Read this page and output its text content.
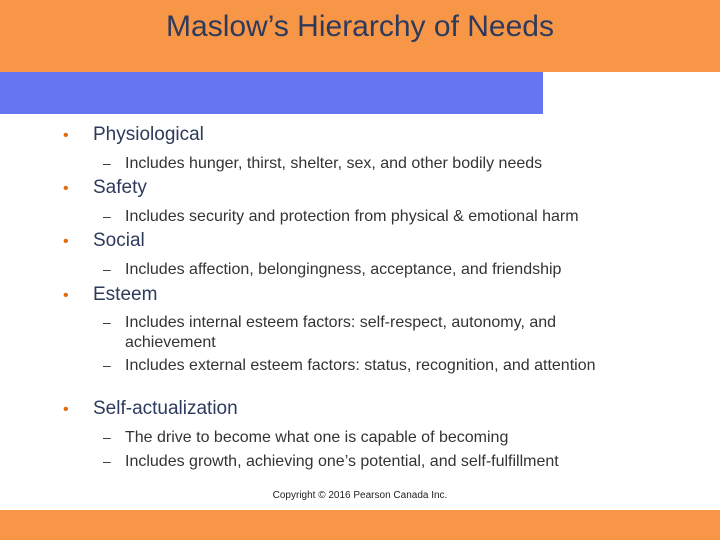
Maslow’s Hierarchy of Needs
•	Physiological
– Includes hunger, thirst, shelter, sex, and other bodily needs
•	Safety
– Includes security and protection from physical & emotional harm
•	Social
– Includes affection, belongingness, acceptance, and friendship
•	Esteem
– Includes internal esteem factors: self-respect, autonomy, and achievement
– Includes external esteem factors: status, recognition, and attention
•	Self-actualization
– The drive to become what one is capable of becoming
– Includes growth, achieving one’s potential, and self-fulfillment
Copyright © 2016 Pearson Canada Inc.
